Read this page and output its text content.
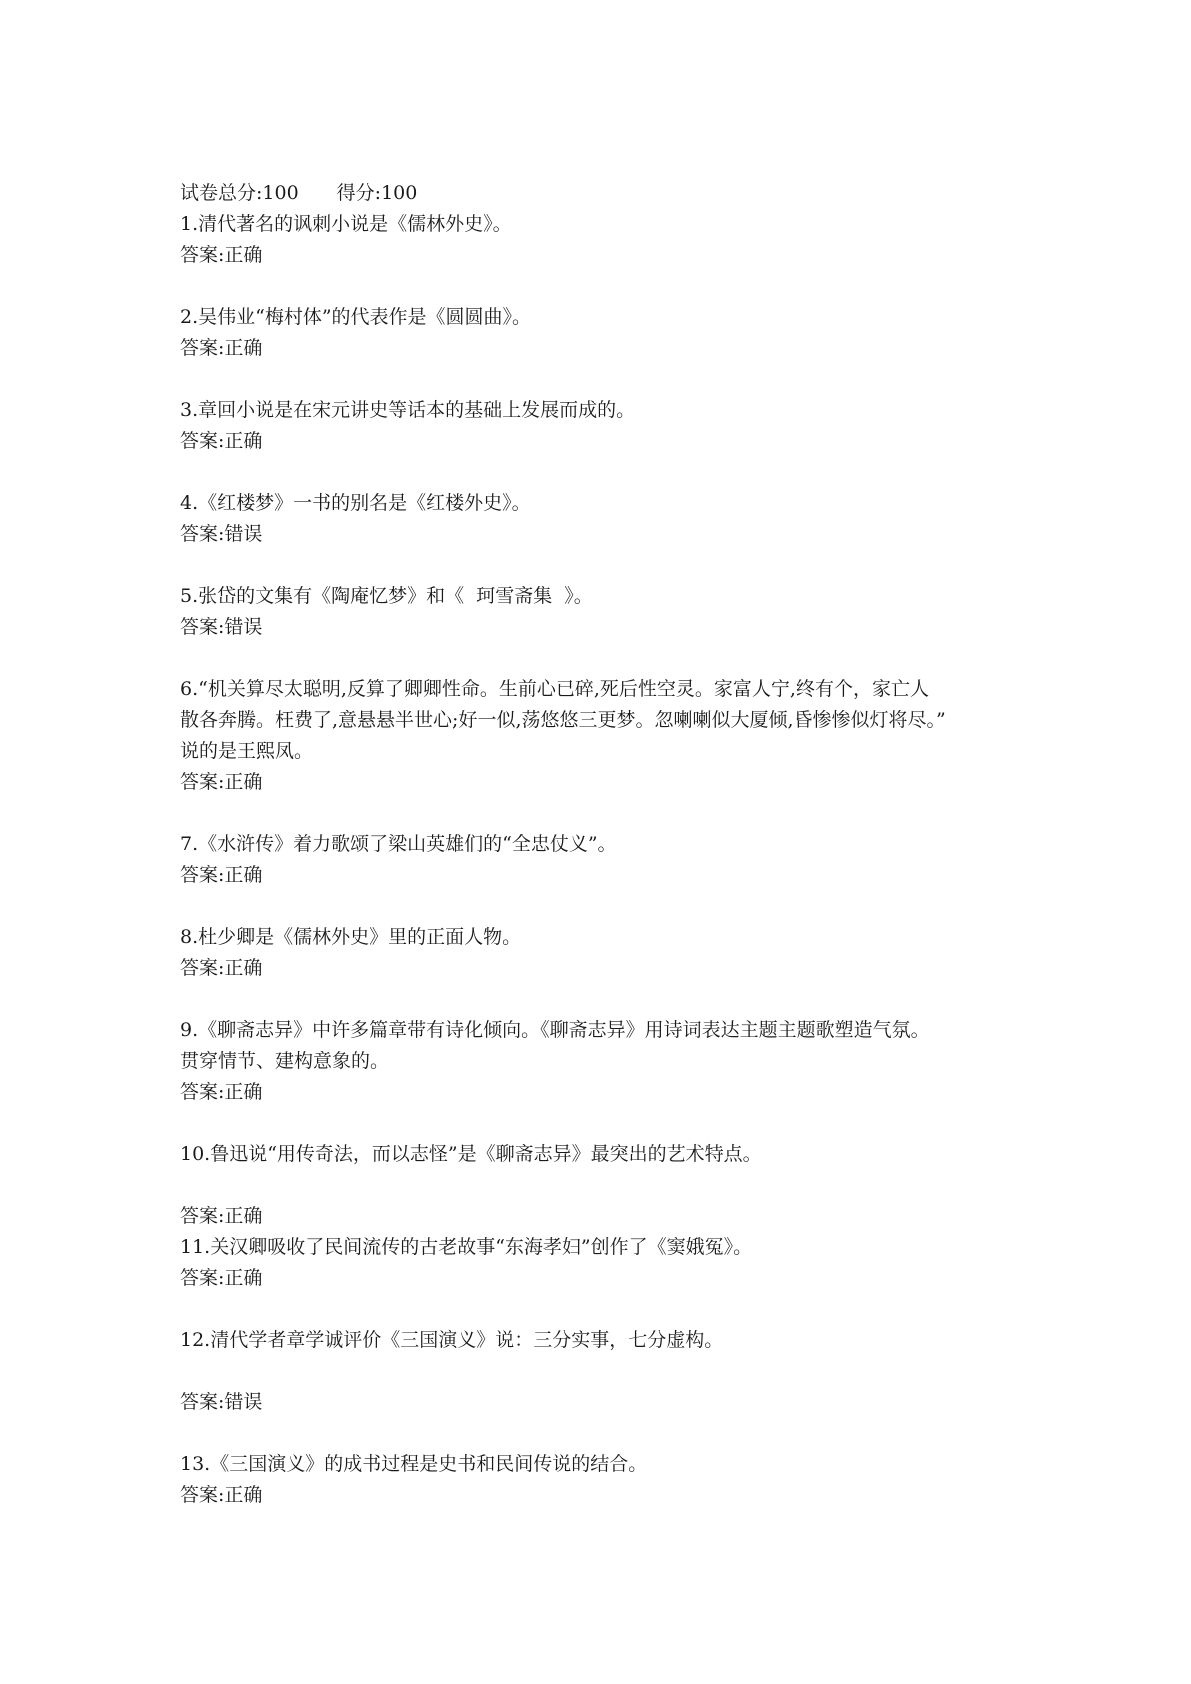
试卷总分:100 得分:100

1.清代著名的讽刺小说是《儒林外史》。

答案:正确

2.吴伟业“梅村体”的代表作是《圆圆曲》。

答案:正确

3.章回小说是在宋元讲史等话本的基础上发展而成的。

答案:正确

4.《红楼梦》一书的别名是《红楼外史》。

答案:错误

5.张岱的文集有《陶庵忆梦》和《  珂雪斋集  》。

答案:错误

6.“机关算尽太聪明,反算了卿卿性命。生前心已碎,死后性空灵。家富人宁,终有个，家亡人

散各奔腾。枉费了,意悬悬半世心;好一似,荡悠悠三更梦。忽喇喇似大厦倾,昏惨惨似灯将尽。”

说的是王熙凤。

答案:正确

7.《水浒传》着力歌颂了梁山英雄们的“全忠仗义”。

答案:正确

8.杜少卿是《儒林外史》里的正面人物。

答案:正确

9.《聊斋志异》中许多篇章带有诗化倾向。《聊斋志异》用诗词表达主题主题歌塑造气氛。

贯穿情节、建构意象的。

答案:正确

10.鲁迅说“用传奇法，而以志怪”是《聊斋志异》最突出的艺术特点。

答案:正确

11.关汉卿吸收了民间流传的古老故事“东海孝妇”创作了《窦娥冤》。

答案:正确

12.清代学者章学诚评价《三国演义》说：三分实事，七分虚构。

答案:错误

13.《三国演义》的成书过程是史书和民间传说的结合。

答案:正确
